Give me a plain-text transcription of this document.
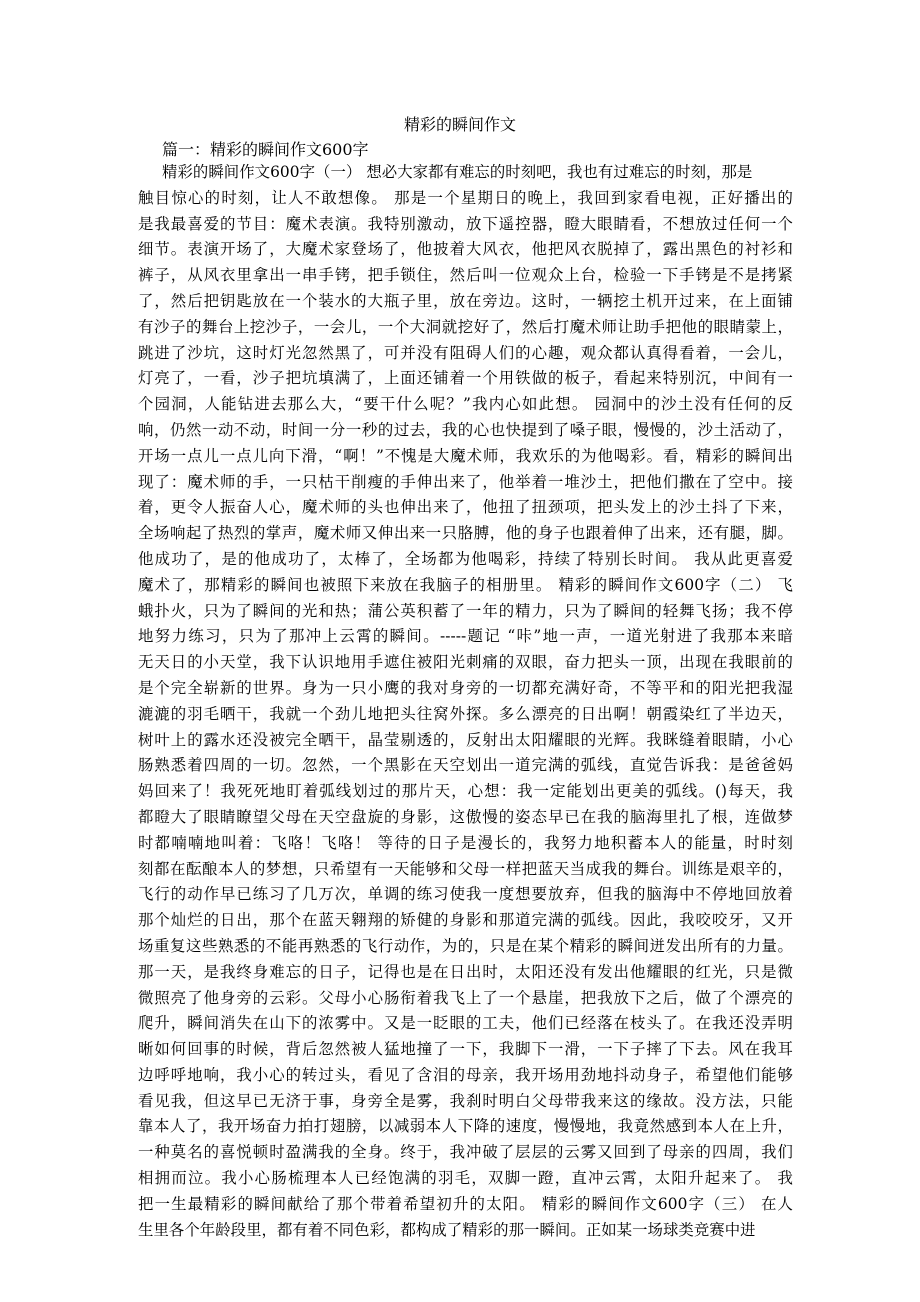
精彩的瞬间作文

篇一：精彩的瞬间作文600字

精彩的瞬间作文600字（一） 想必大家都有难忘的时刻吧，我也有过难忘的时刻，那是
触目惊心的时刻，让人不敢想像。 那是一个星期日的晚上，我回到家看电视，正好播出的
是我最喜爱的节目：魔术表演。我特别激动，放下遥控器，瞪大眼睛看，不想放过任何一个
细节。表演开场了，大魔术家登场了，他披着大风衣，他把风衣脱掉了，露出黑色的衬衫和
裤子，从风衣里拿出一串手铐，把手锁住，然后叫一位观众上台，检验一下手铐是不是拷紧
了，然后把钥匙放在一个装水的大瓶子里，放在旁边。这时，一辆挖土机开过来，在上面铺
有沙子的舞台上挖沙子，一会儿，一个大洞就挖好了，然后打魔术师让助手把他的眼睛蒙上，
跳进了沙坑，这时灯光忽然黑了，可并没有阻碍人们的心趣，观众都认真得看着，一会儿，
灯亮了，一看，沙子把坑填满了，上面还铺着一个用铁做的板子，看起来特别沉，中间有一
个园洞，人能钻进去那么大，“要干什么呢？”我内心如此想。 园洞中的沙土没有任何的反
响，仍然一动不动，时间一分一秒的过去，我的心也快提到了嗓子眼，慢慢的，沙土活动了，
开场一点儿一点儿向下滑，“啊！”不愧是大魔术师，我欢乐的为他喝彩。看，精彩的瞬间出
现了：魔术师的手，一只枯干削瘦的手伸出来了，他举着一堆沙土，把他们撒在了空中。接
着，更令人振奋人心，魔术师的头也伸出来了，他扭了扭颈项，把头发上的沙土抖了下来，
全场响起了热烈的掌声，魔术师又伸出来一只胳膊，他的身子也跟着伸了出来，还有腿，脚。
他成功了，是的他成功了，太棒了，全场都为他喝彩，持续了特别长时间。 我从此更喜爱
魔术了，那精彩的瞬间也被照下来放在我脑子的相册里。 精彩的瞬间作文600字（二） 飞
蛾扑火，只为了瞬间的光和热；蒲公英积蓄了一年的精力，只为了瞬间的轻舞飞扬；我不停
地努力练习，只为了那冲上云霄的瞬间。-----题记 “咔”地一声，一道光射进了我那本来暗
无天日的小天堂，我下认识地用手遮住被阳光刺痛的双眼，奋力把头一顶，出现在我眼前的
是个完全崭新的世界。身为一只小鹰的我对身旁的一切都充满好奇，不等平和的阳光把我湿
漉漉的羽毛晒干，我就一个劲儿地把头往窝外探。多么漂亮的日出啊！朝霞染红了半边天，
树叶上的露水还没被完全晒干，晶莹剔透的，反射出太阳耀眼的光辉。我眯缝着眼睛，小心
肠熟悉着四周的一切。忽然，一个黑影在天空划出一道完满的弧线，直觉告诉我：是爸爸妈
妈回来了！我死死地盯着弧线划过的那片天，心想：我一定能划出更美的弧线。()每天，我
都瞪大了眼睛瞭望父母在天空盘旋的身影，这傲慢的姿态早已在我的脑海里扎了根，连做梦
时都喃喃地叫着：飞咯！飞咯！ 等待的日子是漫长的，我努力地积蓄本人的能量，时时刻
刻都在酝酿本人的梦想，只希望有一天能够和父母一样把蓝天当成我的舞台。训练是艰辛的，
飞行的动作早已练习了几万次，单调的练习使我一度想要放弃，但我的脑海中不停地回放着
那个灿烂的日出，那个在蓝天翱翔的矫健的身影和那道完满的弧线。因此，我咬咬牙，又开
场重复这些熟悉的不能再熟悉的飞行动作，为的，只是在某个精彩的瞬间迸发出所有的力量。
那一天，是我终身难忘的日子，记得也是在日出时，太阳还没有发出他耀眼的红光，只是微
微照亮了他身旁的云彩。父母小心肠衔着我飞上了一个悬崖，把我放下之后，做了个漂亮的
爬升，瞬间消失在山下的浓雾中。又是一眨眼的工夫，他们已经落在枝头了。在我还没弄明
晰如何回事的时候，背后忽然被人猛地撞了一下，我脚下一滑，一下子摔了下去。风在我耳
边呼呼地响，我小心的转过头，看见了含泪的母亲，我开场用劲地抖动身子，希望他们能够
看见我，但这早已无济于事，身旁全是雾，我刹时明白父母带我来这的缘故。没方法，只能
靠本人了，我开场奋力拍打翅膀，以减弱本人下降的速度，慢慢地，我竟然感到本人在上升，
一种莫名的喜悦顿时盈满我的全身。终于，我冲破了层层的云雾又回到了母亲的四周，我们
相拥而泣。我小心肠梳理本人已经饱满的羽毛，双脚一蹬，直冲云霄，太阳升起来了。 我
把一生最精彩的瞬间献给了那个带着希望初升的太阳。 精彩的瞬间作文600字（三） 在人
生里各个年龄段里，都有着不同色彩，都构成了精彩的那一瞬间。正如某一场球类竞赛中进
